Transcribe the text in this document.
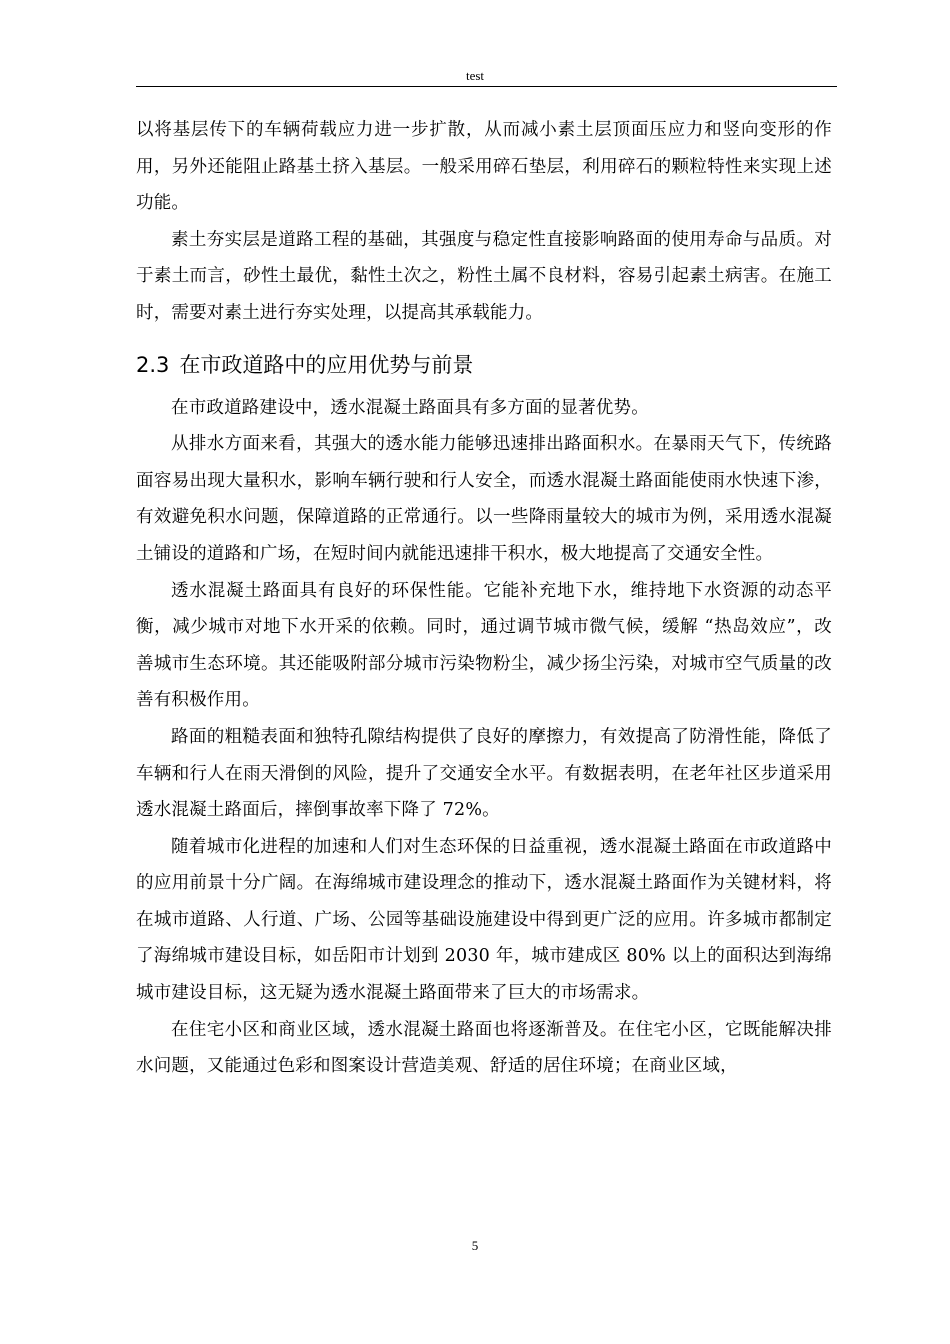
test

以将基层传下的车辆荷载应力进一步扩散，从而减小素土层顶面压应力和竖向变形的作用，另外还能阻止路基土挤入基层。一般采用碎石垫层，利用碎石的颗粒特性来实现上述功能。

素土夯实层是道路工程的基础，其强度与稳定性直接影响路面的使用寿命与品质。对于素土而言，砂性土最优，黏性土次之，粉性土属不良材料，容易引起素土病害。在施工时，需要对素土进行夯实处理，以提高其承载能力。

2.3 在市政道路中的应用优势与前景

在市政道路建设中，透水混凝土路面具有多方面的显著优势。

从排水方面来看，其强大的透水能力能够迅速排出路面积水。在暴雨天气下，传统路面容易出现大量积水，影响车辆行驶和行人安全，而透水混凝土路面能使雨水快速下渗，有效避免积水问题，保障道路的正常通行。以一些降雨量较大的城市为例，采用透水混凝土铺设的道路和广场，在短时间内就能迅速排干积水，极大地提高了交通安全性。

透水混凝土路面具有良好的环保性能。它能补充地下水，维持地下水资源的动态平衡，减少城市对地下水开采的依赖。同时，通过调节城市微气候，缓解 “热岛效应”，改善城市生态环境。其还能吸附部分城市污染物粉尘，减少扬尘污染，对城市空气质量的改善有积极作用。

路面的粗糙表面和独特孔隙结构提供了良好的摩擦力，有效提高了防滑性能，降低了车辆和行人在雨天滑倒的风险，提升了交通安全水平。有数据表明，在老年社区步道采用透水混凝土路面后，摔倒事故率下降了 72%。

随着城市化进程的加速和人们对生态环保的日益重视，透水混凝土路面在市政道路中的应用前景十分广阔。在海绵城市建设理念的推动下，透水混凝土路面作为关键材料，将在城市道路、人行道、广场、公园等基础设施建设中得到更广泛的应用。许多城市都制定了海绵城市建设目标，如岳阳市计划到 2030 年，城市建成区 80% 以上的面积达到海绵城市建设目标，这无疑为透水混凝土路面带来了巨大的市场需求。

在住宅小区和商业区域，透水混凝土路面也将逐渐普及。在住宅小区，它既能解决排水问题，又能通过色彩和图案设计营造美观、舒适的居住环境；在商业区域，

5
